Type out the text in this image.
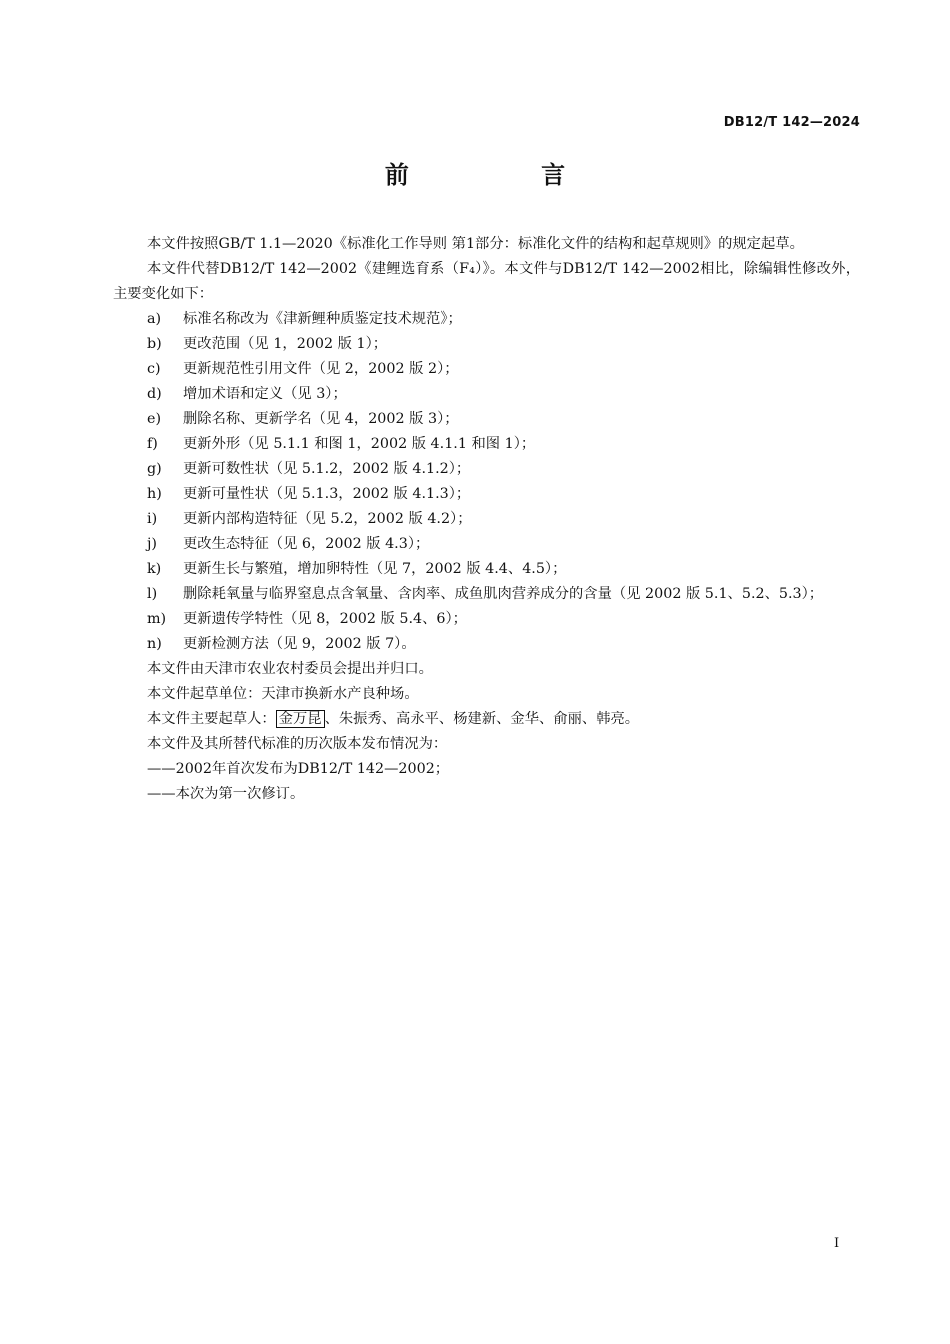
DB12/T 142—2024
前 言

本文件按照GB/T 1.1—2020《标准化工作导则 第1部分：标准化文件的结构和起草规则》的规定起草。

本文件代替DB12/T 142—2002《建鲤选育系（F₄）》。本文件与DB12/T 142—2002相比，除编辑性修改外，主要变化如下：

a) 标准名称改为《津新鲤种质鉴定技术规范》；
b) 更改范围（见 1，2002 版 1）；
c) 更新规范性引用文件（见 2，2002 版 2）；
d) 增加术语和定义（见 3）；
e) 删除名称、更新学名（见 4，2002 版 3）；
f) 更新外形（见 5.1.1 和图 1，2002 版 4.1.1 和图 1）；
g) 更新可数性状（见 5.1.2，2002 版 4.1.2）；
h) 更新可量性状（见 5.1.3，2002 版 4.1.3）；
i) 更新内部构造特征（见 5.2，2002 版 4.2）；
j) 更改生态特征（见 6，2002 版 4.3）；
k) 更新生长与繁殖，增加卵特性（见 7，2002 版 4.4、4.5）；
l) 删除耗氧量与临界窒息点含氧量、含肉率、成鱼肌肉营养成分的含量（见 2002 版 5.1、5.2、5.3）；
m) 更新遗传学特性（见 8，2002 版 5.4、6）；
n) 更新检测方法（见 9，2002 版 7）。

本文件由天津市农业农村委员会提出并归口。

本文件起草单位：天津市换新水产良种场。

本文件主要起草人： 金万昆 、朱振秀、高永平、杨建新、金华、俞丽、韩亮。

本文件及其所替代标准的历次版本发布情况为：

——2002年首次发布为DB12/T 142—2002；

——本次为第一次修订。

I
